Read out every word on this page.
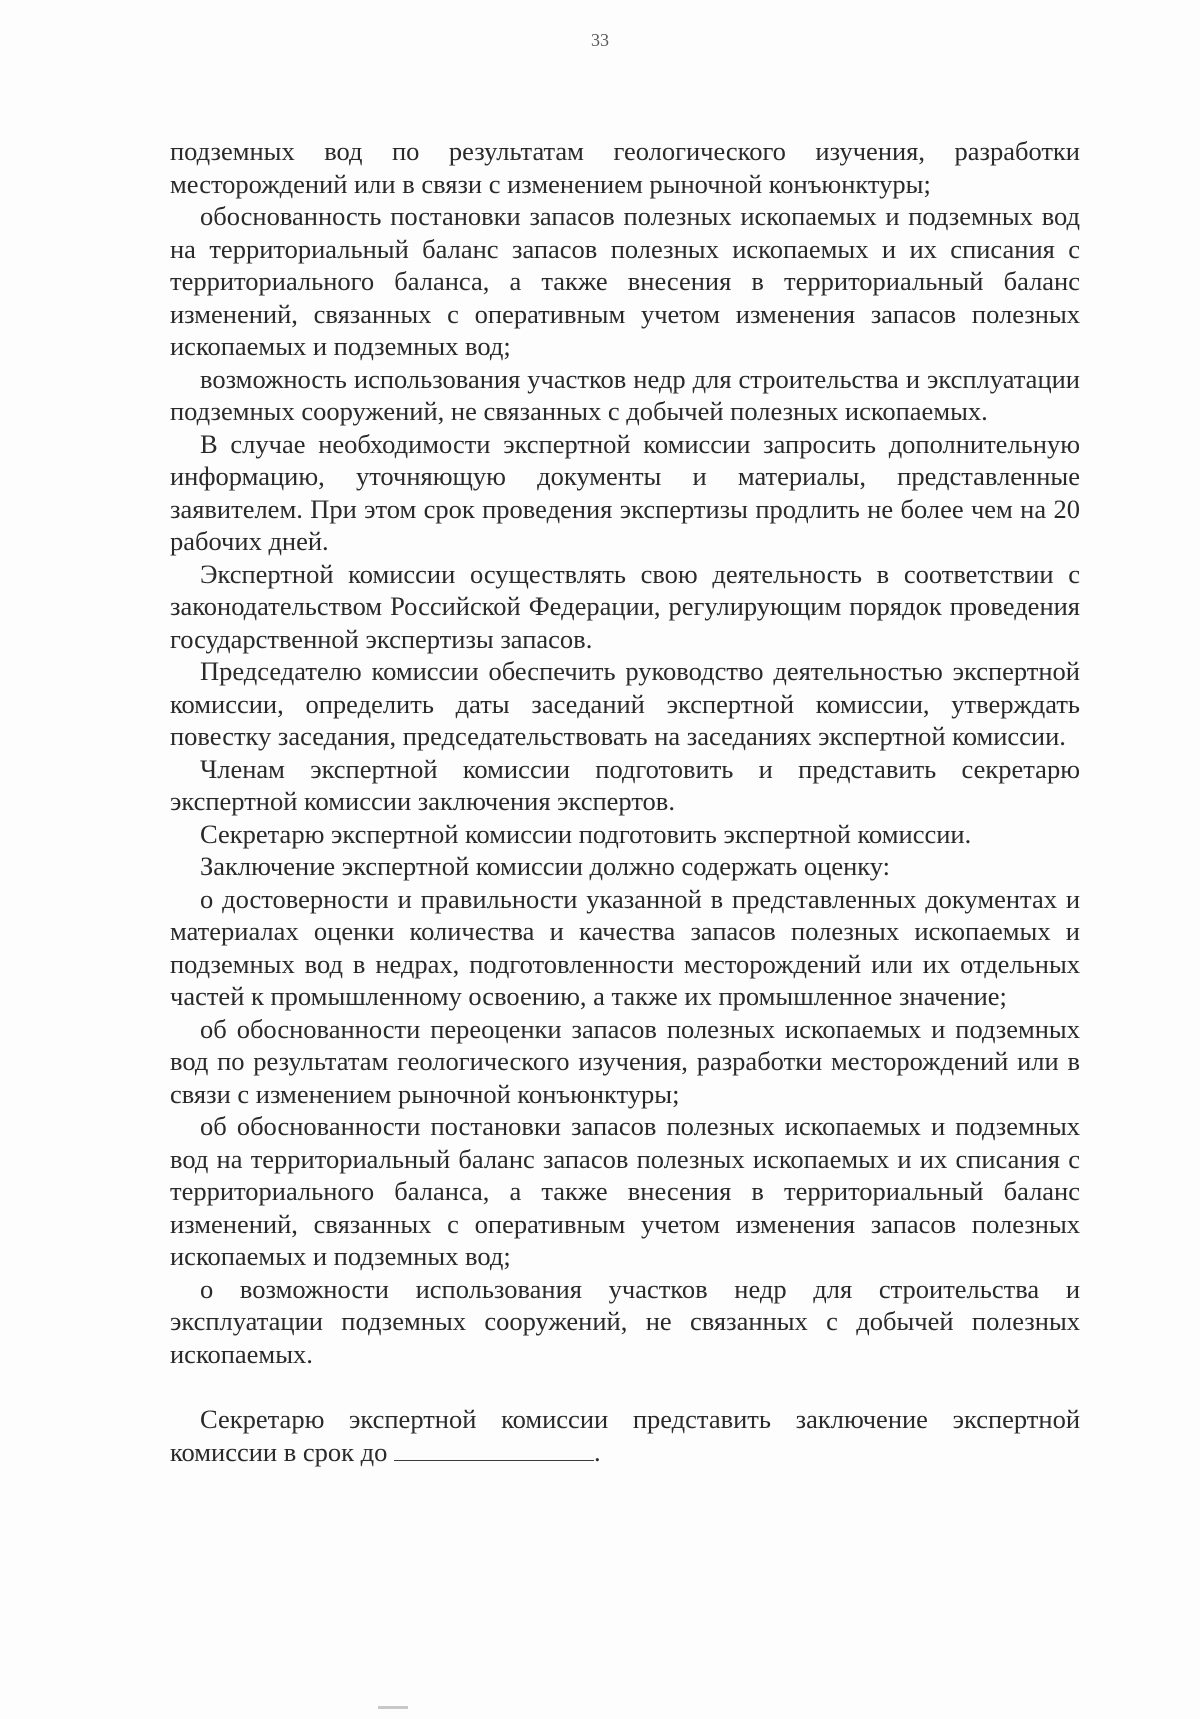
33

подземных вод по результатам геологического изучения, разработки месторождений или в связи с изменением рыночной конъюнктуры;

обоснованность постановки запасов полезных ископаемых и подземных вод на территориальный баланс запасов полезных ископаемых и их списания с территориального баланса, а также внесения в территориальный баланс изменений, связанных с оперативным учетом изменения запасов полезных ископаемых и подземных вод;

возможность использования участков недр для строительства и эксплуатации подземных сооружений, не связанных с добычей полезных ископаемых.

В случае необходимости экспертной комиссии запросить дополнительную информацию, уточняющую документы и материалы, представленные заявителем. При этом срок проведения экспертизы продлить не более чем на 20 рабочих дней.

Экспертной комиссии осуществлять свою деятельность в соответствии с законодательством Российской Федерации, регулирующим порядок проведения государственной экспертизы запасов.

Председателю комиссии обеспечить руководство деятельностью экспертной комиссии, определить даты заседаний экспертной комиссии, утверждать повестку заседания, председательствовать на заседаниях экспертной комиссии.

Членам экспертной комиссии подготовить и представить секретарю экспертной комиссии заключения экспертов.

Секретарю экспертной комиссии подготовить экспертной комиссии.

Заключение экспертной комиссии должно содержать оценку:

о достоверности и правильности указанной в представленных документах и материалах оценки количества и качества запасов полезных ископаемых и подземных вод в недрах, подготовленности месторождений или их отдельных частей к промышленному освоению, а также их промышленное значение;

об обоснованности переоценки запасов полезных ископаемых и подземных вод по результатам геологического изучения, разработки месторождений или в связи с изменением рыночной конъюнктуры;

об обоснованности постановки запасов полезных ископаемых и подземных вод на территориальный баланс запасов полезных ископаемых и их списания с территориального баланса, а также внесения в территориальный баланс изменений, связанных с оперативным учетом изменения запасов полезных ископаемых и подземных вод;

о возможности использования участков недр для строительства и эксплуатации подземных сооружений, не связанных с добычей полезных ископаемых.

Секретарю экспертной комиссии представить заключение экспертной комиссии в срок до	.
